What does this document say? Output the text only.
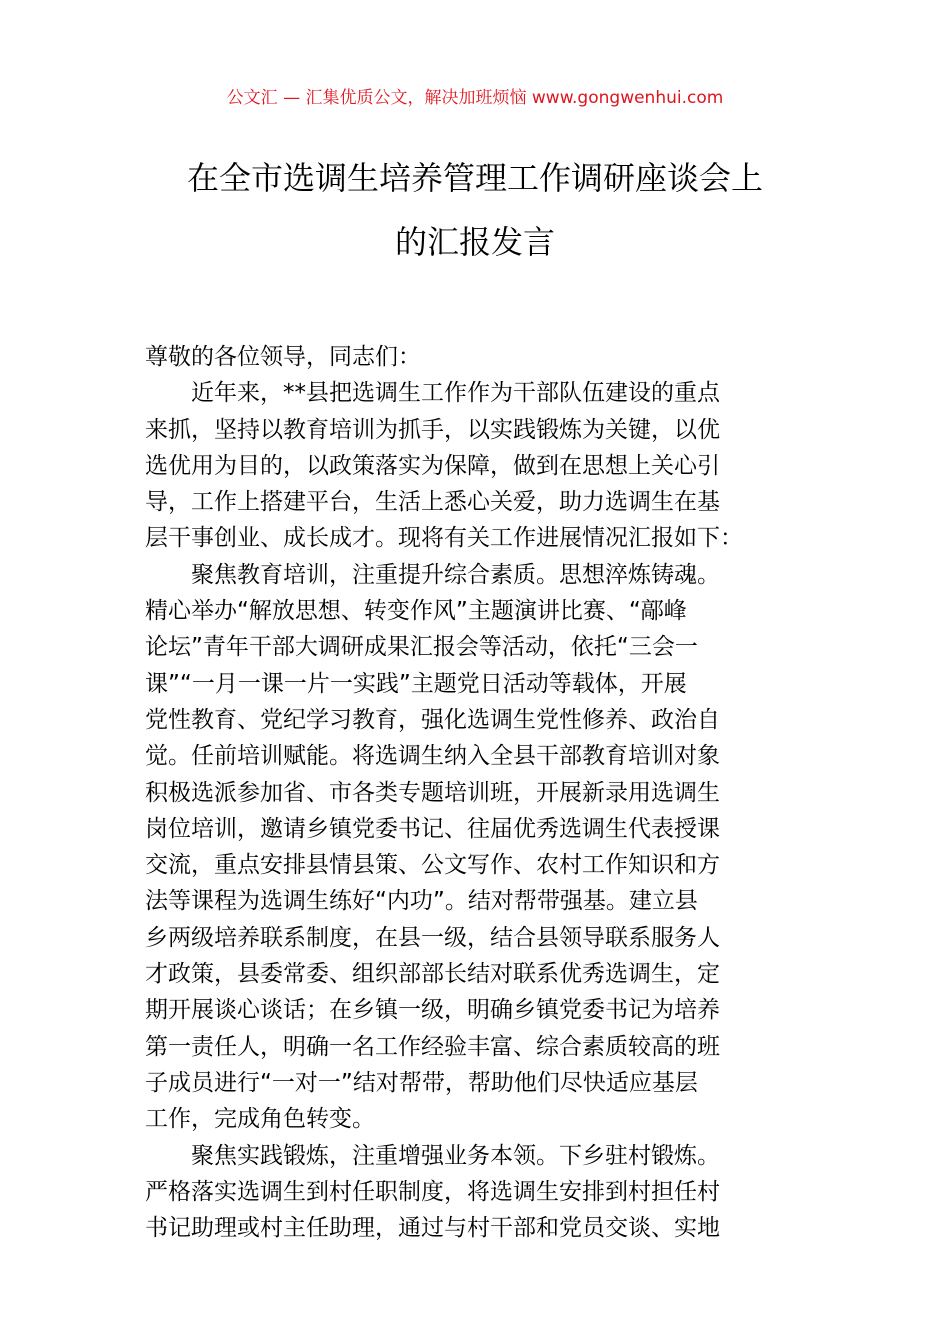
公文汇 — 汇集优质公文，解决加班烦恼 www.gongwenhui.com
在全市选调生培养管理工作调研座谈会上
的汇报发言
尊敬的各位领导，同志们：
近年来，**县把选调生工作作为干部队伍建设的重点
来抓，坚持以教育培训为抓手，以实践锻炼为关键，以优
选优用为目的，以政策落实为保障，做到在思想上关心引
导，工作上搭建平台，生活上悉心关爱，助力选调生在基
层干事创业、成长成才。现将有关工作进展情况汇报如下：
聚焦教育培训，注重提升综合素质。思想淬炼铸魂。
精心举办“解放思想、转变作风”主题演讲比赛、“鄗峰
论坛”青年干部大调研成果汇报会等活动，依托“三会一
课”“一月一课一片一实践”主题党日活动等载体，开展
党性教育、党纪学习教育，强化选调生党性修养、政治自
觉。任前培训赋能。将选调生纳入全县干部教育培训对象
积极选派参加省、市各类专题培训班，开展新录用选调生
岗位培训，邀请乡镇党委书记、往届优秀选调生代表授课
交流，重点安排县情县策、公文写作、农村工作知识和方
法等课程为选调生练好“内功”。结对帮带强基。建立县
乡两级培养联系制度，在县一级，结合县领导联系服务人
才政策，县委常委、组织部部长结对联系优秀选调生，定
期开展谈心谈话；在乡镇一级，明确乡镇党委书记为培养
第一责任人，明确一名工作经验丰富、综合素质较高的班
子成员进行“一对一”结对帮带，帮助他们尽快适应基层
工作，完成角色转变。
聚焦实践锻炼，注重增强业务本领。下乡驻村锻炼。
严格落实选调生到村任职制度，将选调生安排到村担任村
书记助理或村主任助理，通过与村干部和党员交谈、实地
